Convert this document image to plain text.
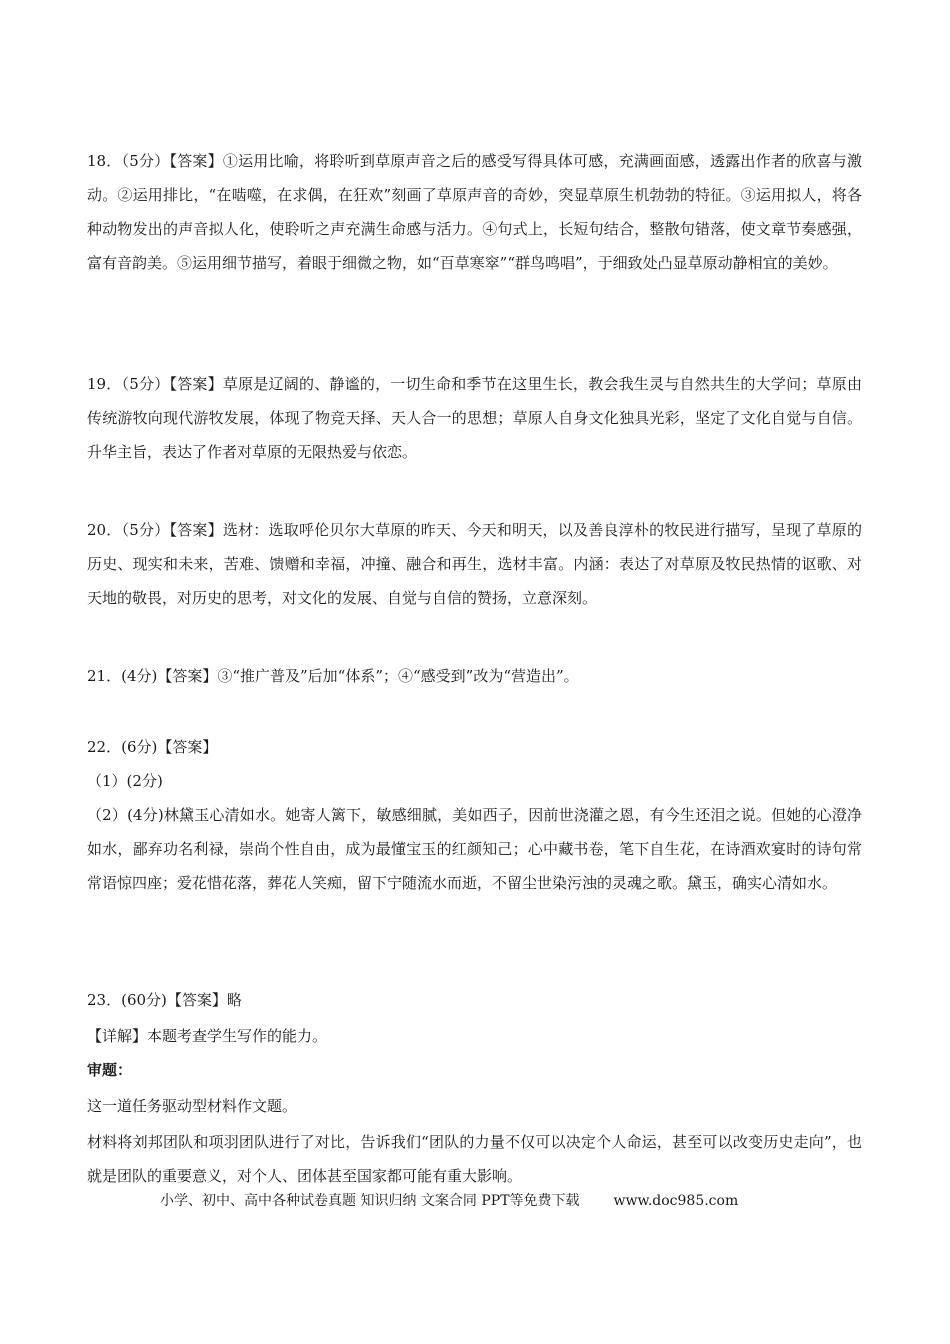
18．（5分）【答案】①运用比喻，将聆听到草原声音之后的感受写得具体可感，充满画面感，透露出作者的欣喜与激动。②运用排比，“在啮噬，在求偶，在狂欢”刻画了草原声音的奇妙，突显草原生机勃勃的特征。③运用拟人，将各种动物发出的声音拟人化，使聆听之声充满生命感与活力。④句式上，长短句结合，整散句错落，使文章节奏感强，富有音韵美。⑤运用细节描写，着眼于细微之物，如“百草寒窣”“群鸟鸣唱”，于细致处凸显草原动静相宜的美妙。

19．（5分）【答案】草原是辽阔的、静谧的，一切生命和季节在这里生长，教会我生灵与自然共生的大学问；草原由传统游牧向现代游牧发展，体现了物竞天择、天人合一的思想；草原人自身文化独具光彩，坚定了文化自觉与自信。升华主旨，表达了作者对草原的无限热爱与依恋。

20．（5分）【答案】选材：选取呼伦贝尔大草原的昨天、今天和明天，以及善良淳朴的牧民进行描写，呈现了草原的历史、现实和未来，苦难、馈赠和幸福，冲撞、融合和再生，选材丰富。内涵：表达了对草原及牧民热情的讴歌、对天地的敬畏，对历史的思考，对文化的发展、自觉与自信的赞扬，立意深刻。

21．(4分)【答案】③“推广普及”后加“体系”；④“感受到”改为“营造出”。

22．(6分)【答案】

（1）(2分)

（2）(4分)林黛玉心清如水。她寄人篱下，敏感细腻，美如西子，因前世浇灌之恩，有今生还泪之说。但她的心澄净如水，鄙弃功名利禄，崇尚个性自由，成为最懂宝玉的红颜知己；心中藏书卷，笔下自生花，在诗酒欢宴时的诗句常常语惊四座；爱花惜花落，葬花人笑痴，留下宁随流水而逝，不留尘世染污浊的灵魂之歌。黛玉，确实心清如水。

23．(60分)【答案】略

【详解】本题考查学生写作的能力。

审题：

这一道任务驱动型材料作文题。

材料将刘邦团队和项羽团队进行了对比，告诉我们“团队的力量不仅可以决定个人命运，甚至可以改变历史走向”，也就是团队的重要意义，对个人、团体甚至国家都可能有重大影响。

小学、初中、高中各种试卷真题 知识归纳 文案合同 PPT等免费下载 www.doc985.com
